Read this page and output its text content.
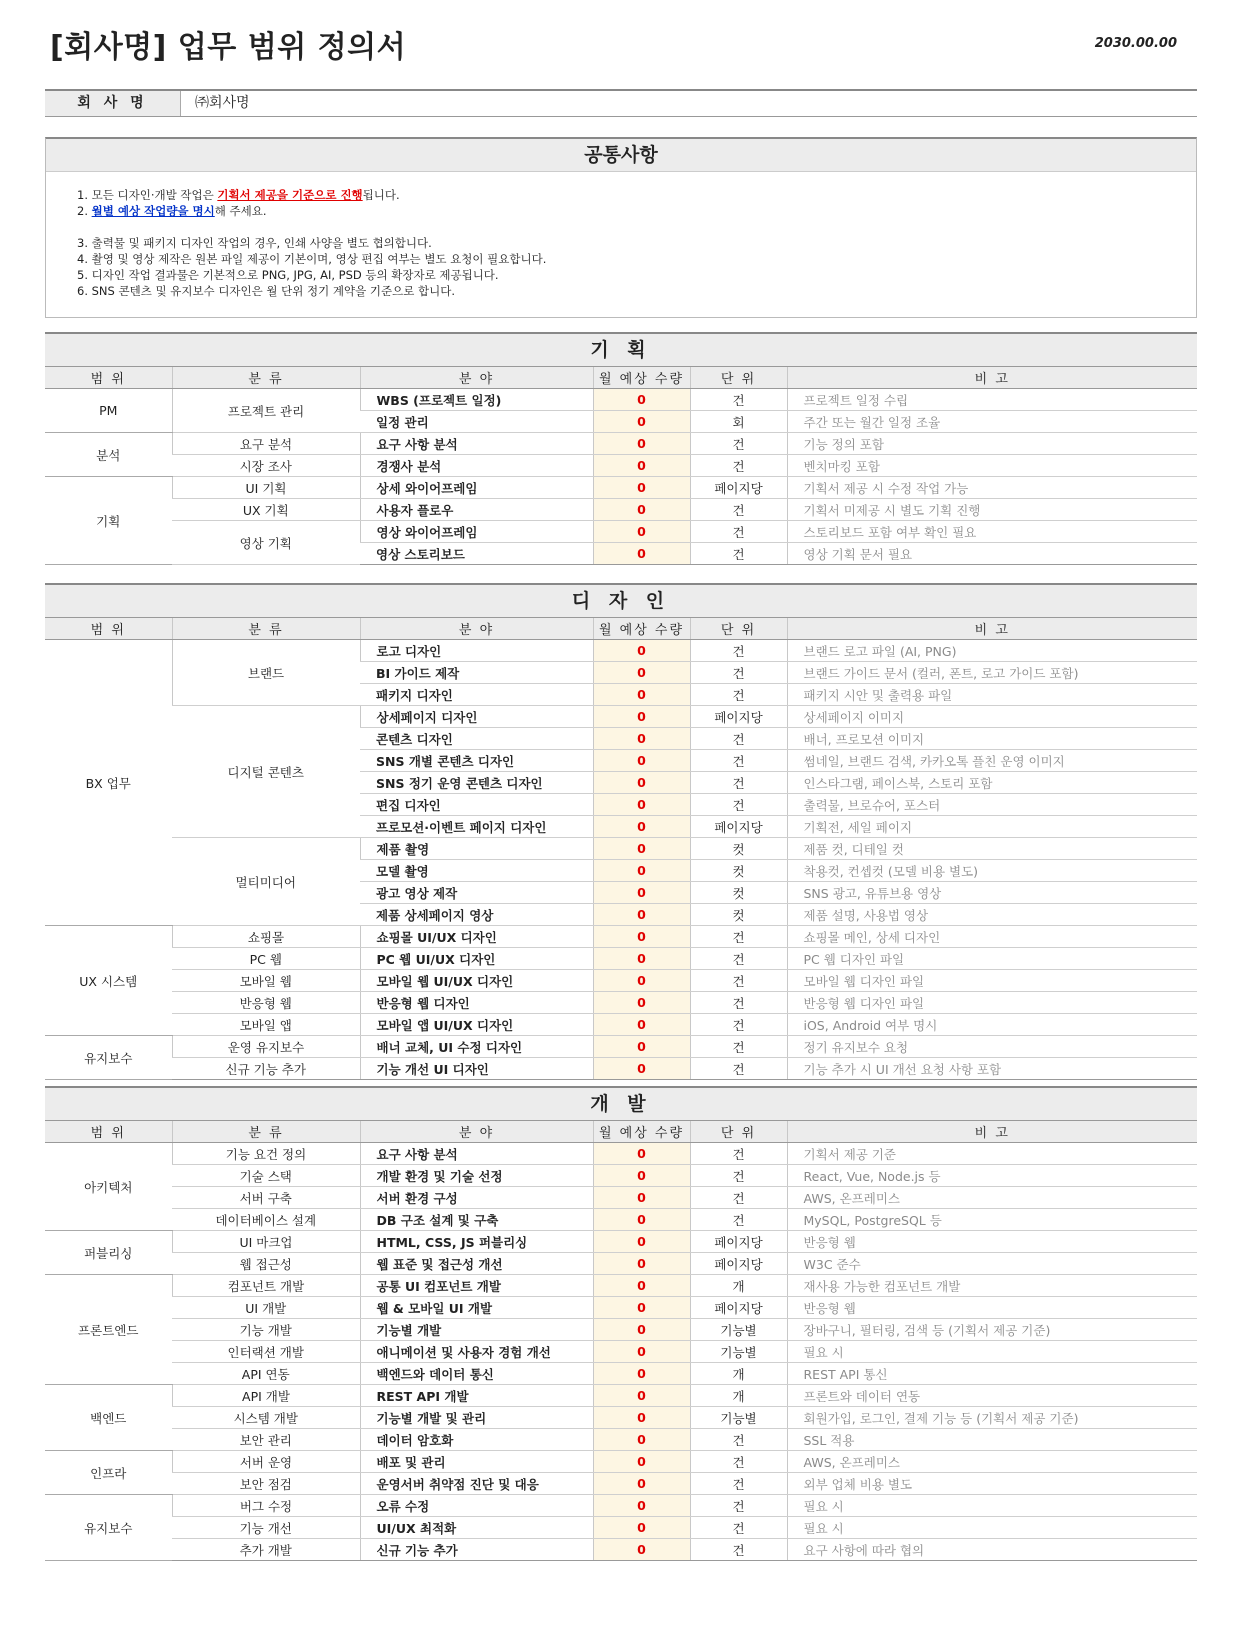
[회사명] 업무 범위 정의서	2030.00.00
회 사 명	㈜회사명
공통사항
1. 모든 디자인·개발 작업은 기획서 제공을 기준으로 진행됩니다.
2. 월별 예상 작업량을 명시해 주세요.
3. 출력물 및 패키지 디자인 작업의 경우, 인쇄 사양을 별도 협의합니다.
4. 촬영 및 영상 제작은 원본 파일 제공이 기본이며, 영상 편집 여부는 별도 요청이 필요합니다.
5. 디자인 작업 결과물은 기본적으로 PNG, JPG, AI, PSD 등의 확장자로 제공됩니다.
6. SNS 콘텐츠 및 유지보수 디자인은 월 단위 정기 계약을 기준으로 합니다.
기 획
범 위	분 류	분 야	월 예상 수량	단 위	비 고
PM	프로젝트 관리	WBS (프로젝트 일정)	0	건	프로젝트 일정 수립
		일정 관리	0	회	주간 또는 월간 일정 조율
분석	요구 분석	요구 사항 분석	0	건	기능 정의 포함
	시장 조사	경쟁사 분석	0	건	벤치마킹 포함
기획	UI 기획	상세 와이어프레임	0	페이지당	기획서 제공 시 수정 작업 가능
	UX 기획	사용자 플로우	0	건	기획서 미제공 시 별도 기획 진행
	영상 기획	영상 와이어프레임	0	건	스토리보드 포함 여부 확인 필요
		영상 스토리보드	0	건	영상 기획 문서 필요
디 자 인
범 위	분 류	분 야	월 예상 수량	단 위	비 고
BX 업무	브랜드	로고 디자인	0	건	브랜드 로고 파일 (AI, PNG)
		BI 가이드 제작	0	건	브랜드 가이드 문서 (컬러, 폰트, 로고 가이드 포함)
		패키지 디자인	0	건	패키지 시안 및 출력용 파일
	디지털 콘텐츠	상세페이지 디자인	0	페이지당	상세페이지 이미지
		콘텐츠 디자인	0	건	배너, 프로모션 이미지
		SNS 개별 콘텐츠 디자인	0	건	썸네일, 브랜드 검색, 카카오톡 플친 운영 이미지
		SNS 정기 운영 콘텐츠 디자인	0	건	인스타그램, 페이스북, 스토리 포함
		편집 디자인	0	건	출력물, 브로슈어, 포스터
		프로모션·이벤트 페이지 디자인	0	페이지당	기획전, 세일 페이지
	멀티미디어	제품 촬영	0	컷	제품 컷, 디테일 컷
		모델 촬영	0	컷	착용컷, 컨셉컷 (모델 비용 별도)
		광고 영상 제작	0	컷	SNS 광고, 유튜브용 영상
		제품 상세페이지 영상	0	컷	제품 설명, 사용법 영상
UX 시스템	쇼핑몰	쇼핑몰 UI/UX 디자인	0	건	쇼핑몰 메인, 상세 디자인
	PC 웹	PC 웹 UI/UX 디자인	0	건	PC 웹 디자인 파일
	모바일 웹	모바일 웹 UI/UX 디자인	0	건	모바일 웹 디자인 파일
	반응형 웹	반응형 웹 디자인	0	건	반응형 웹 디자인 파일
	모바일 앱	모바일 앱 UI/UX 디자인	0	건	iOS, Android 여부 명시
유지보수	운영 유지보수	배너 교체, UI 수정 디자인	0	건	정기 유지보수 요청
	신규 기능 추가	기능 개선 UI 디자인	0	건	기능 추가 시 UI 개선 요청 사항 포함
개 발
범 위	분 류	분 야	월 예상 수량	단 위	비 고
아키텍처	기능 요건 정의	요구 사항 분석	0	건	기획서 제공 기준
	기술 스택	개발 환경 및 기술 선정	0	건	React, Vue, Node.js 등
	서버 구축	서버 환경 구성	0	건	AWS, 온프레미스
	데이터베이스 설계	DB 구조 설계 및 구축	0	건	MySQL, PostgreSQL 등
퍼블리싱	UI 마크업	HTML, CSS, JS 퍼블리싱	0	페이지당	반응형 웹
	웹 접근성	웹 표준 및 접근성 개선	0	페이지당	W3C 준수
프론트엔드	컴포넌트 개발	공통 UI 컴포넌트 개발	0	개	재사용 가능한 컴포넌트 개발
	UI 개발	웹 & 모바일 UI 개발	0	페이지당	반응형 웹
	기능 개발	기능별 개발	0	기능별	장바구니, 필터링, 검색 등 (기획서 제공 기준)
	인터랙션 개발	애니메이션 및 사용자 경험 개선	0	기능별	필요 시
	API 연동	백엔드와 데이터 통신	0	개	REST API 통신
백엔드	API 개발	REST API 개발	0	개	프론트와 데이터 연동
	시스템 개발	기능별 개발 및 관리	0	기능별	회원가입, 로그인, 결제 기능 등 (기획서 제공 기준)
	보안 관리	데이터 암호화	0	건	SSL 적용
인프라	서버 운영	배포 및 관리	0	건	AWS, 온프레미스
	보안 점검	운영서버 취약점 진단 및 대응	0	건	외부 업체 비용 별도
유지보수	버그 수정	오류 수정	0	건	필요 시
	기능 개선	UI/UX 최적화	0	건	필요 시
	추가 개발	신규 기능 추가	0	건	요구 사항에 따라 협의
